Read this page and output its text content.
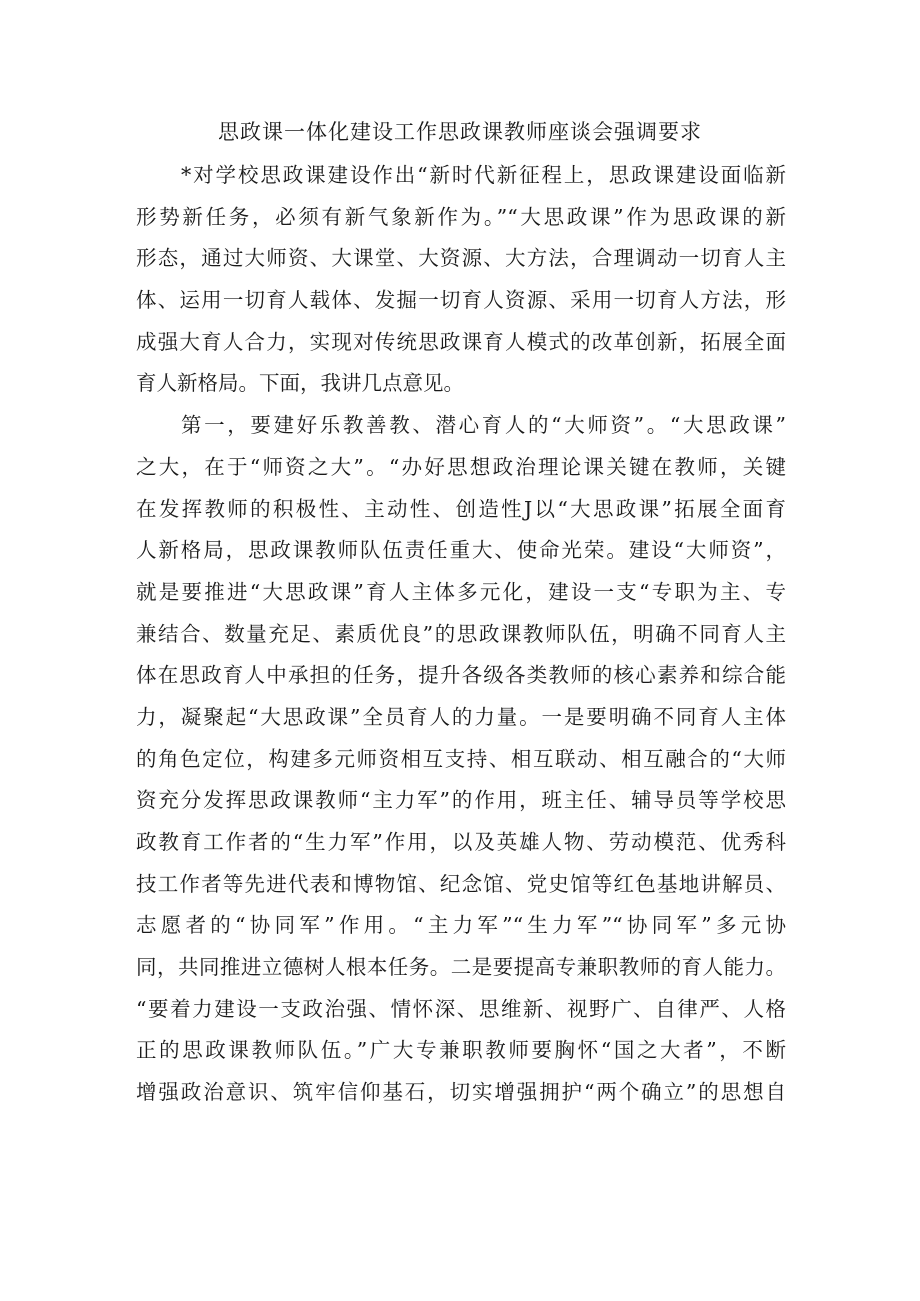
思政课一体化建设工作思政课教师座谈会强调要求
*对学校思政课建设作出“新时代新征程上，思政课建设面临新
形势新任务，必须有新气象新作为。”“大思政课”作为思政课的新
形态，通过大师资、大课堂、大资源、大方法，合理调动一切育人主
体、运用一切育人载体、发掘一切育人资源、采用一切育人方法，形
成强大育人合力，实现对传统思政课育人模式的改革创新，拓展全面
育人新格局。下面，我讲几点意见。
第一，要建好乐教善教、潜心育人的“大师资”。“大思政课”
之大，在于“师资之大”。“办好思想政治理论课关键在教师，关键
在发挥教师的积极性、主动性、创造性J以“大思政课”拓展全面育
人新格局，思政课教师队伍责任重大、使命光荣。建设“大师资”，
就是要推进“大思政课”育人主体多元化，建设一支“专职为主、专
兼结合、数量充足、素质优良”的思政课教师队伍，明确不同育人主
体在思政育人中承担的任务，提升各级各类教师的核心素养和综合能
力，凝聚起“大思政课”全员育人的力量。一是要明确不同育人主体
的角色定位，构建多元师资相互支持、相互联动、相互融合的“大师
资充分发挥思政课教师“主力军”的作用，班主任、辅导员等学校思
政教育工作者的“生力军”作用，以及英雄人物、劳动模范、优秀科
技工作者等先进代表和博物馆、纪念馆、党史馆等红色基地讲解员、
志愿者的“协同军”作用。“主力军”“生力军”“协同军”多元协
同，共同推进立德树人根本任务。二是要提高专兼职教师的育人能力。
“要着力建设一支政治强、情怀深、思维新、视野广、自律严、人格
正的思政课教师队伍。”广大专兼职教师要胸怀“国之大者”，不断
增强政治意识、筑牢信仰基石，切实增强拥护“两个确立”的思想自
